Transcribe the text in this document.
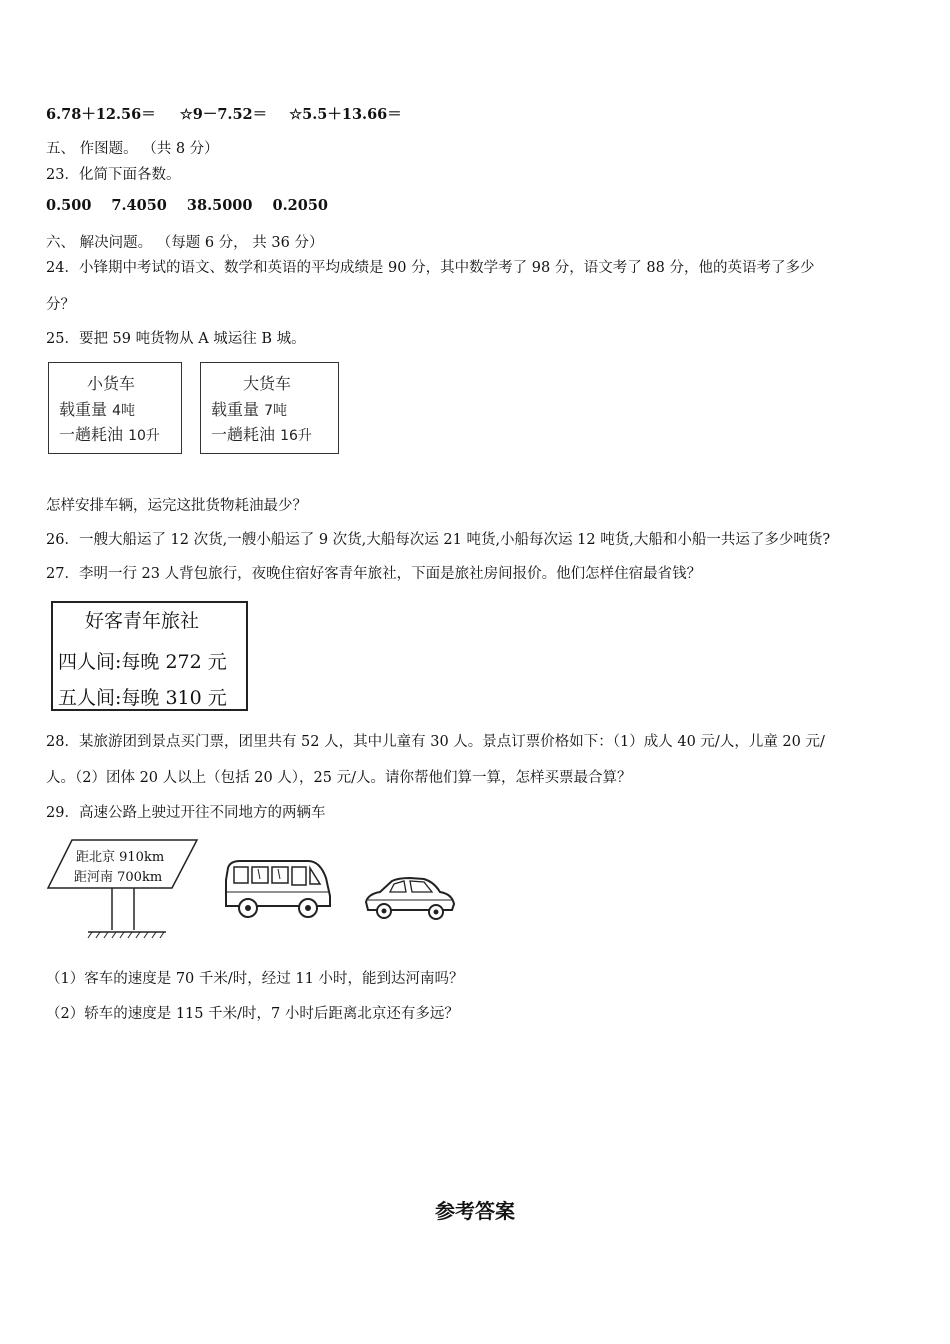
6.78＋12.56＝ ☆9－7.52＝ ☆5.5＋13.66＝
五、 作图题。 （共 8 分）
23．化简下面各数。
0.500 7.4050 38.5000 0.2050
六、 解决问题。 （每题 6 分， 共 36 分）
24．小锋期中考试的语文、数学和英语的平均成绩是 90 分，其中数学考了 98 分，语文考了 88 分，他的英语考了多少
分？
25．要把 59 吨货物从 A 城运往 B 城。
小货车
载重量 4吨
一趟耗油 10升
大货车
载重量 7吨
一趟耗油 16升
怎样安排车辆，运完这批货物耗油最少？
26．一艘大船运了 12 次货,一艘小船运了 9 次货,大船每次运 21 吨货,小船每次运 12 吨货,大船和小船一共运了多少吨货?
27．李明一行 23 人背包旅行，夜晚住宿好客青年旅社，下面是旅社房间报价。他们怎样住宿最省钱？
好客青年旅社
四人间:每晚 272 元
五人间:每晚 310 元
28．某旅游团到景点买门票，团里共有 52 人，其中儿童有 30 人。景点订票价格如下：（1）成人 40 元/人，儿童 20 元/
人。（2）团体 20 人以上（包括 20 人），25 元/人。请你帮他们算一算，怎样买票最合算？
29．高速公路上驶过开往不同地方的两辆车
距北京 910km
距河南 700km
（1）客车的速度是 70 千米/时，经过 11 小时，能到达河南吗？
（2）轿车的速度是 115 千米/时，7 小时后距离北京还有多远？
参考答案
